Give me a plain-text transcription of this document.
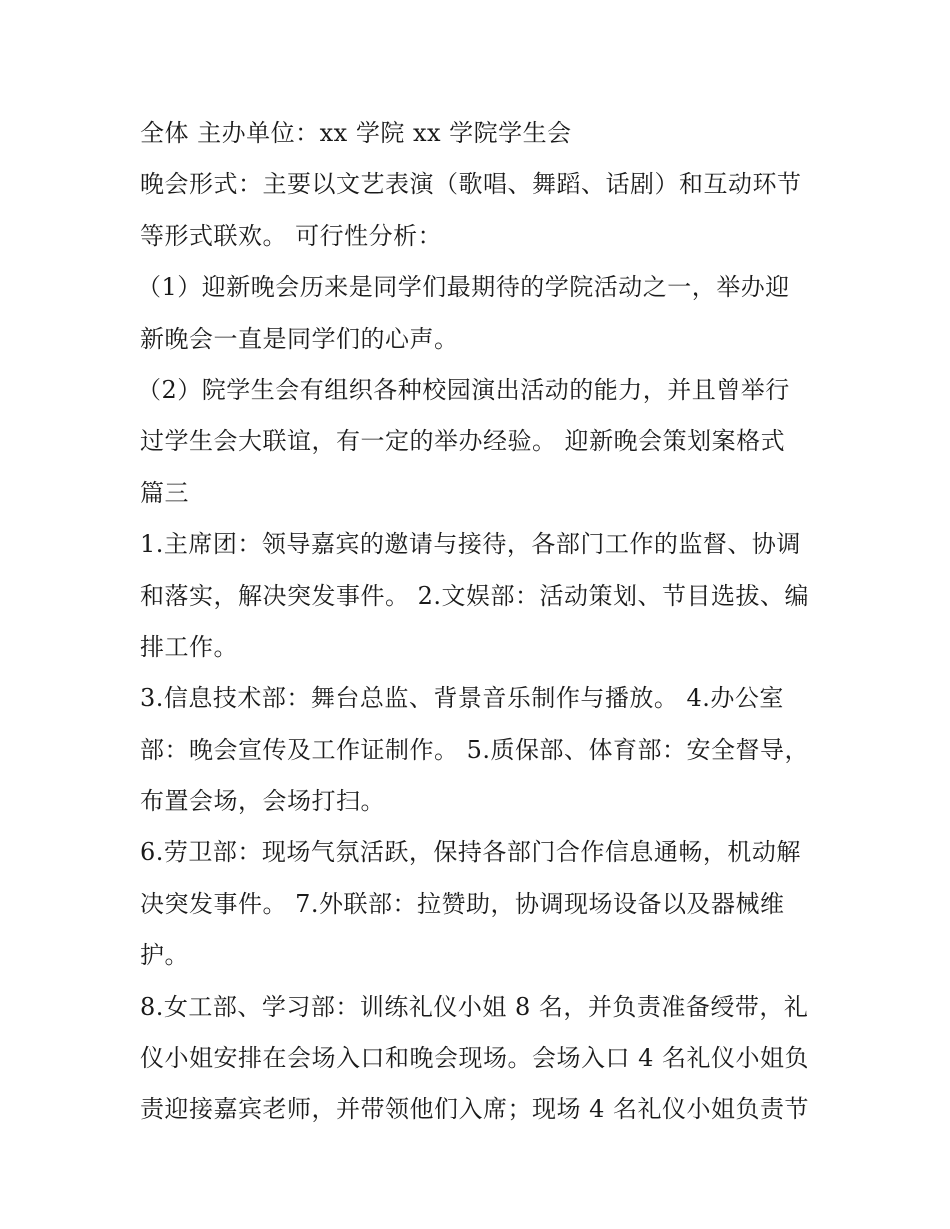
全体 主办单位：xx 学院 xx 学院学生会
晚会形式：主要以文艺表演（歌唱、舞蹈、话剧）和互动环节
等形式联欢。 可行性分析：
（1）迎新晚会历来是同学们最期待的学院活动之一，举办迎
新晚会一直是同学们的心声。
（2）院学生会有组织各种校园演出活动的能力，并且曾举行
过学生会大联谊，有一定的举办经验。 迎新晚会策划案格式
篇三
1.主席团：领导嘉宾的邀请与接待，各部门工作的监督、协调
和落实，解决突发事件。 2.文娱部：活动策划、节目选拔、编
排工作。
3.信息技术部：舞台总监、背景音乐制作与播放。 4.办公室
部：晚会宣传及工作证制作。 5.质保部、体育部：安全督导，
布置会场，会场打扫。
6.劳卫部：现场气氛活跃，保持各部门合作信息通畅，机动解
决突发事件。 7.外联部：拉赞助，协调现场设备以及器械维
护。
8.女工部、学习部：训练礼仪小姐 8 名，并负责准备绶带，礼
仪小姐安排在会场入口和晚会现场。会场入口 4 名礼仪小姐负
责迎接嘉宾老师，并带领他们入席；现场 4 名礼仪小姐负责节
